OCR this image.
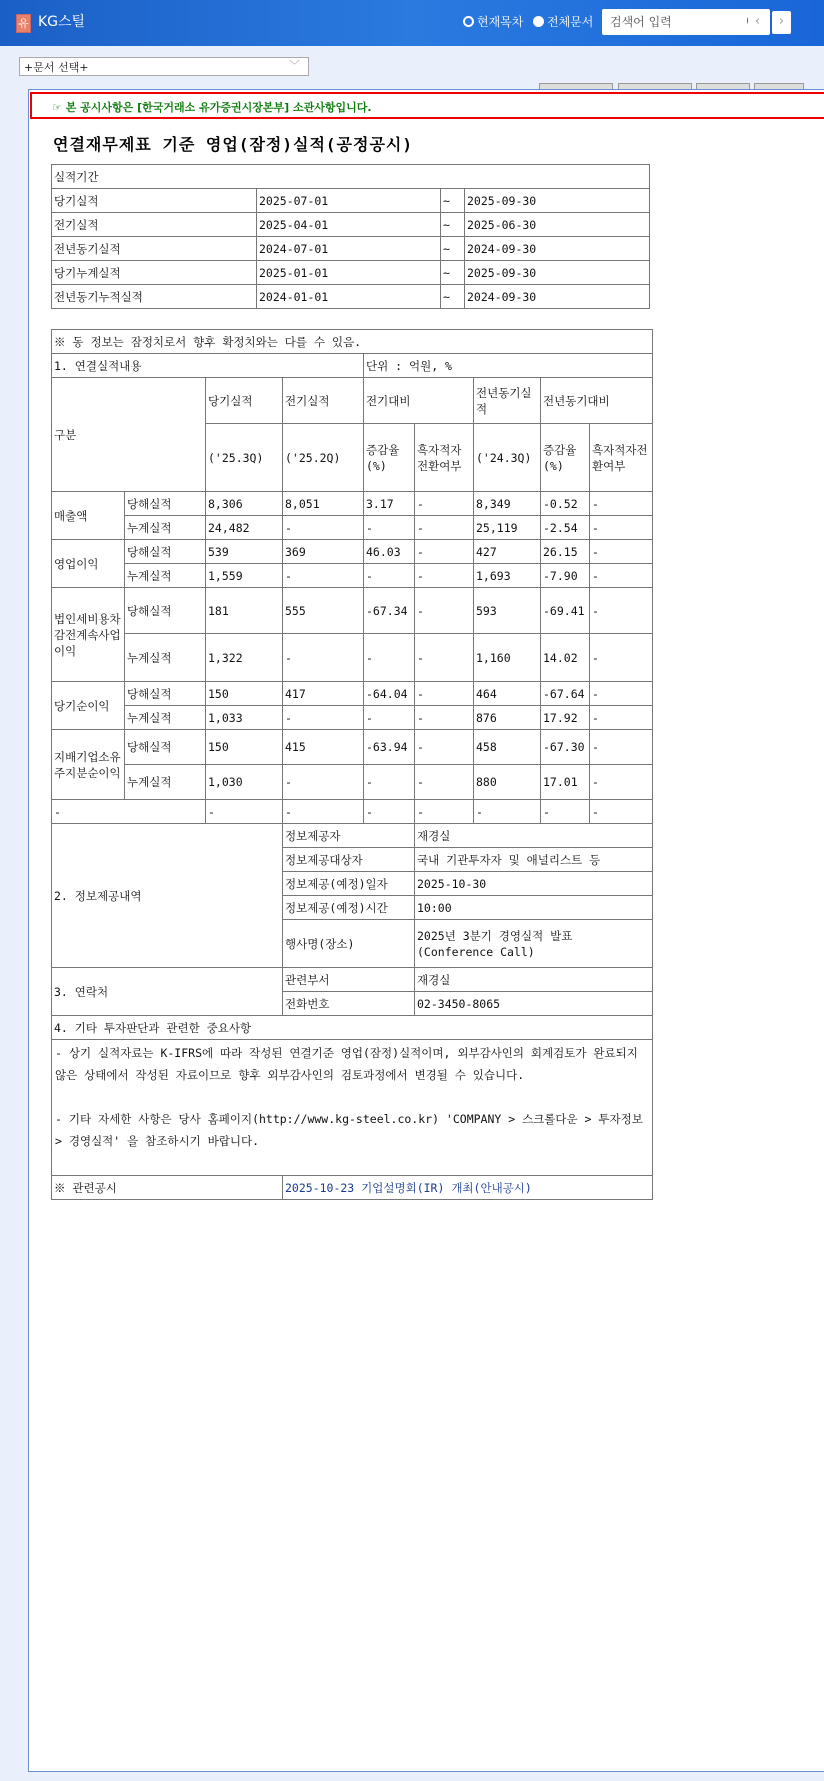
유 KG스틸	현재목차 전체문서	검색어 입력	‹	›
+문서 선택+	﹀
☞ 본 공시사항은 [한국거래소 유가증권시장본부] 소관사항입니다.
연결재무제표 기준 영업(잠정)실적(공정공시)
실적기간			
당기실적	2025-07-01	~	2025-09-30
전기실적	2025-04-01	~	2025-06-30
전년동기실적	2024-07-01	~	2024-09-30
당기누계실적	2025-01-01	~	2025-09-30
전년동기누적실적	2024-01-01	~	2024-09-30
※ 동 정보는 잠정치로서 향후 확정치와는 다를 수 있음.								
1. 연결실적내용				단위 : 억원, %				
구분		당기실적	전기실적	전기대비		전년동기실적	전년동기대비	
		('25.3Q)	('25.2Q)	증감율(%)	흑자적자전환여부	('24.3Q)	증감율(%)	흑자적자전환여부
매출액	당해실적	8,306	8,051	3.17	-	8,349	-0.52	-
	누계실적	24,482	-	-	-	25,119	-2.54	-
영업이익	당해실적	539	369	46.03	-	427	26.15	-
	누계실적	1,559	-	-	-	1,693	-7.90	-
법인세비용차감전계속사업이익	당해실적	181	555	-67.34	-	593	-69.41	-
	누계실적	1,322	-	-	-	1,160	14.02	-
당기순이익	당해실적	150	417	-64.04	-	464	-67.64	-
	누계실적	1,033	-	-	-	876	17.92	-
지배기업소유주지분순이익	당해실적	150	415	-63.94	-	458	-67.30	-
	누계실적	1,030	-	-	-	880	17.01	-
-		-	-	-	-	-	-	-
2. 정보제공내역			정보제공자		재경실			
			정보제공대상자		국내 기관투자자 및 애널리스트 등			
			정보제공(예정)일자		2025-10-30			
			정보제공(예정)시간		10:00			
			행사명(장소)		2025년 3분기 경영실적 발표 (Conference Call)			
3. 연락처			관련부서		재경실			
			전화번호		02-3450-8065			
4. 기타 투자판단과 관련한 중요사항								

- 상기 실적자료는 K-IFRS에 따라 작성된 연결기준 영업(잠정)실적이며, 외부감사인의 회계검토가 완료되지 않은 상태에서 작성된 자료이므로 향후 외부감사인의 검토과정에서 변경될 수 있습니다.
- 기타 자세한 사항은 당사 홈페이지(http://www.kg-steel.co.kr) 'COMPANY > 스크롤다운 > 투자정보 > 경영실적' 을 참조하시기 바랍니다.								

※ 관련공시			2025-10-23 기업설명회(IR) 개최(안내공시)					
